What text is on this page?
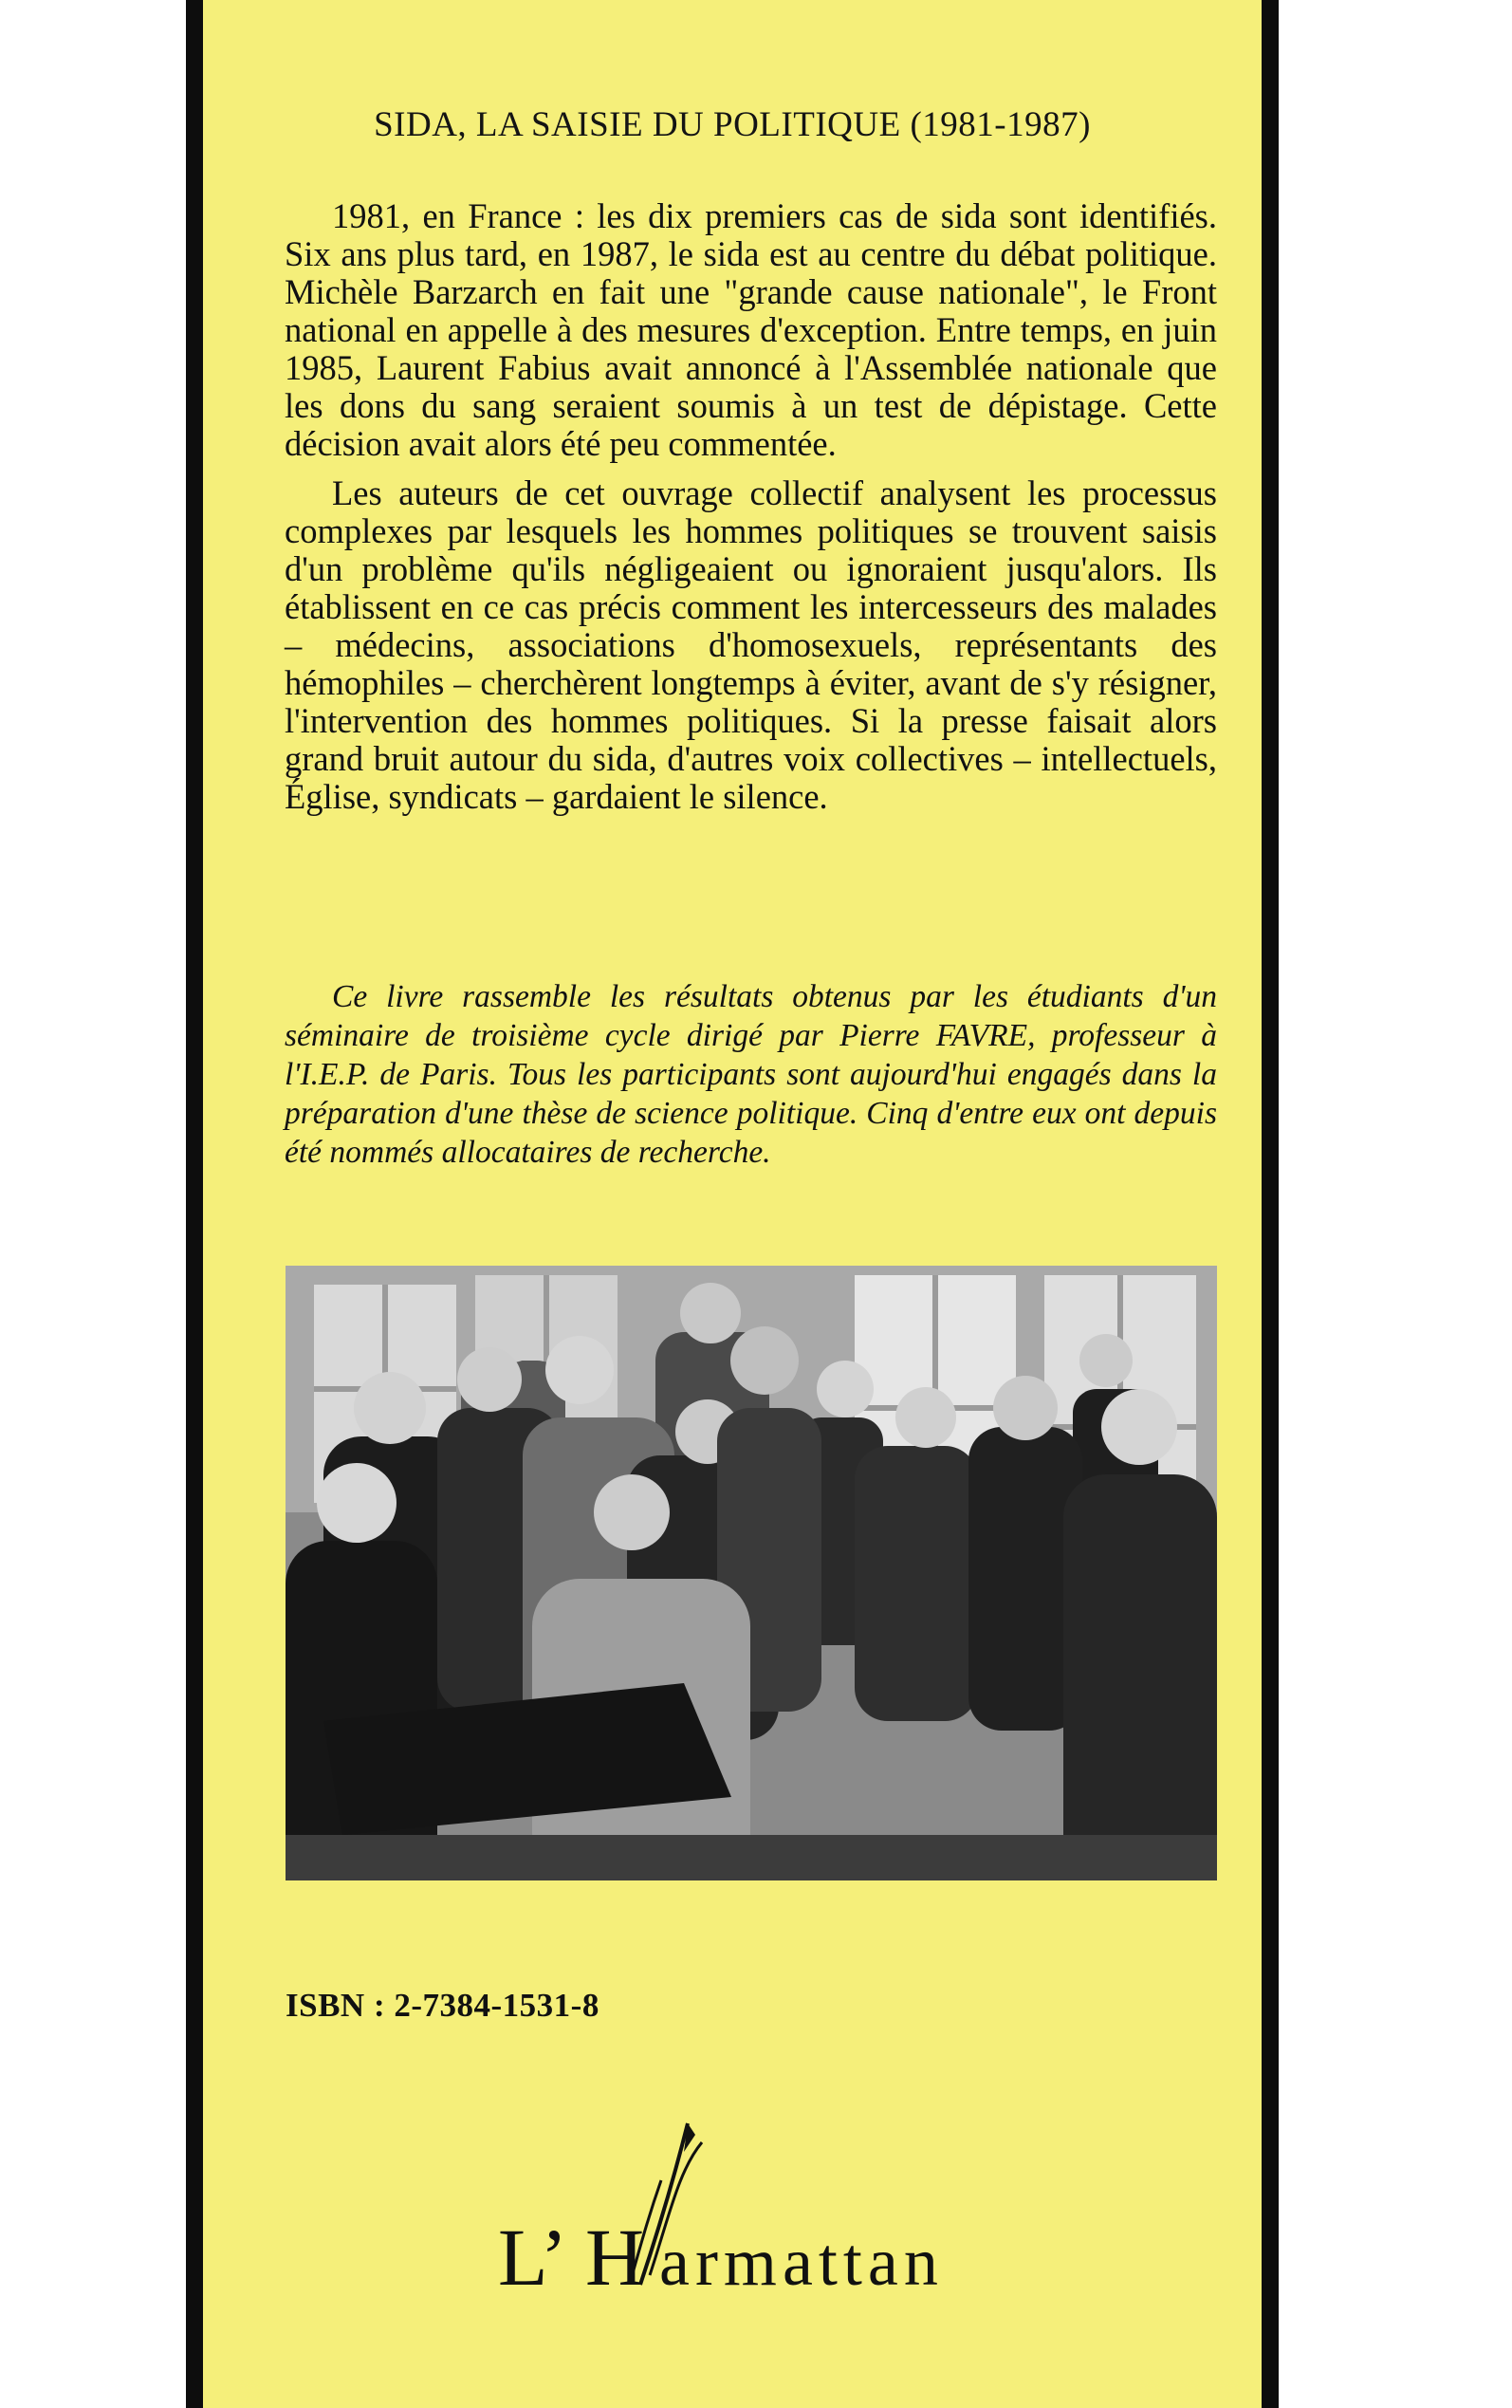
SIDA, LA SAISIE DU POLITIQUE (1981-1987)

1981, en France : les dix premiers cas de sida sont identifiés. Six ans plus tard, en 1987, le sida est au centre du débat politique. Michèle Barzarch en fait une "grande cause nationale", le Front national en appelle à des mesures d'exception. Entre temps, en juin 1985, Laurent Fabius avait annoncé à l'Assemblée nationale que les dons du sang seraient soumis à un test de dépistage. Cette décision avait alors été peu commentée.

Les auteurs de cet ouvrage collectif analysent les processus complexes par lesquels les hommes politiques se trouvent saisis d'un problème qu'ils négligeaient ou ignoraient jusqu'alors. Ils établissent en ce cas précis comment les intercesseurs des malades – médecins, associations d'homosexuels, représentants des hémophiles – cherchèrent longtemps à éviter, avant de s'y résigner, l'intervention des hommes politiques. Si la presse faisait alors grand bruit autour du sida, d'autres voix collectives – intellectuels, Église, syndicats – gardaient le silence.

Ce livre rassemble les résultats obtenus par les étudiants d'un séminaire de troisième cycle dirigé par Pierre FAVRE, professeur à l'I.E.P. de Paris. Tous les participants sont aujourd'hui engagés dans la préparation d'une thèse de science politique. Cinq d'entre eux ont depuis été nommés allocataires de recherche.

ISBN : 2-7384-1531-8
L’ H armattan
